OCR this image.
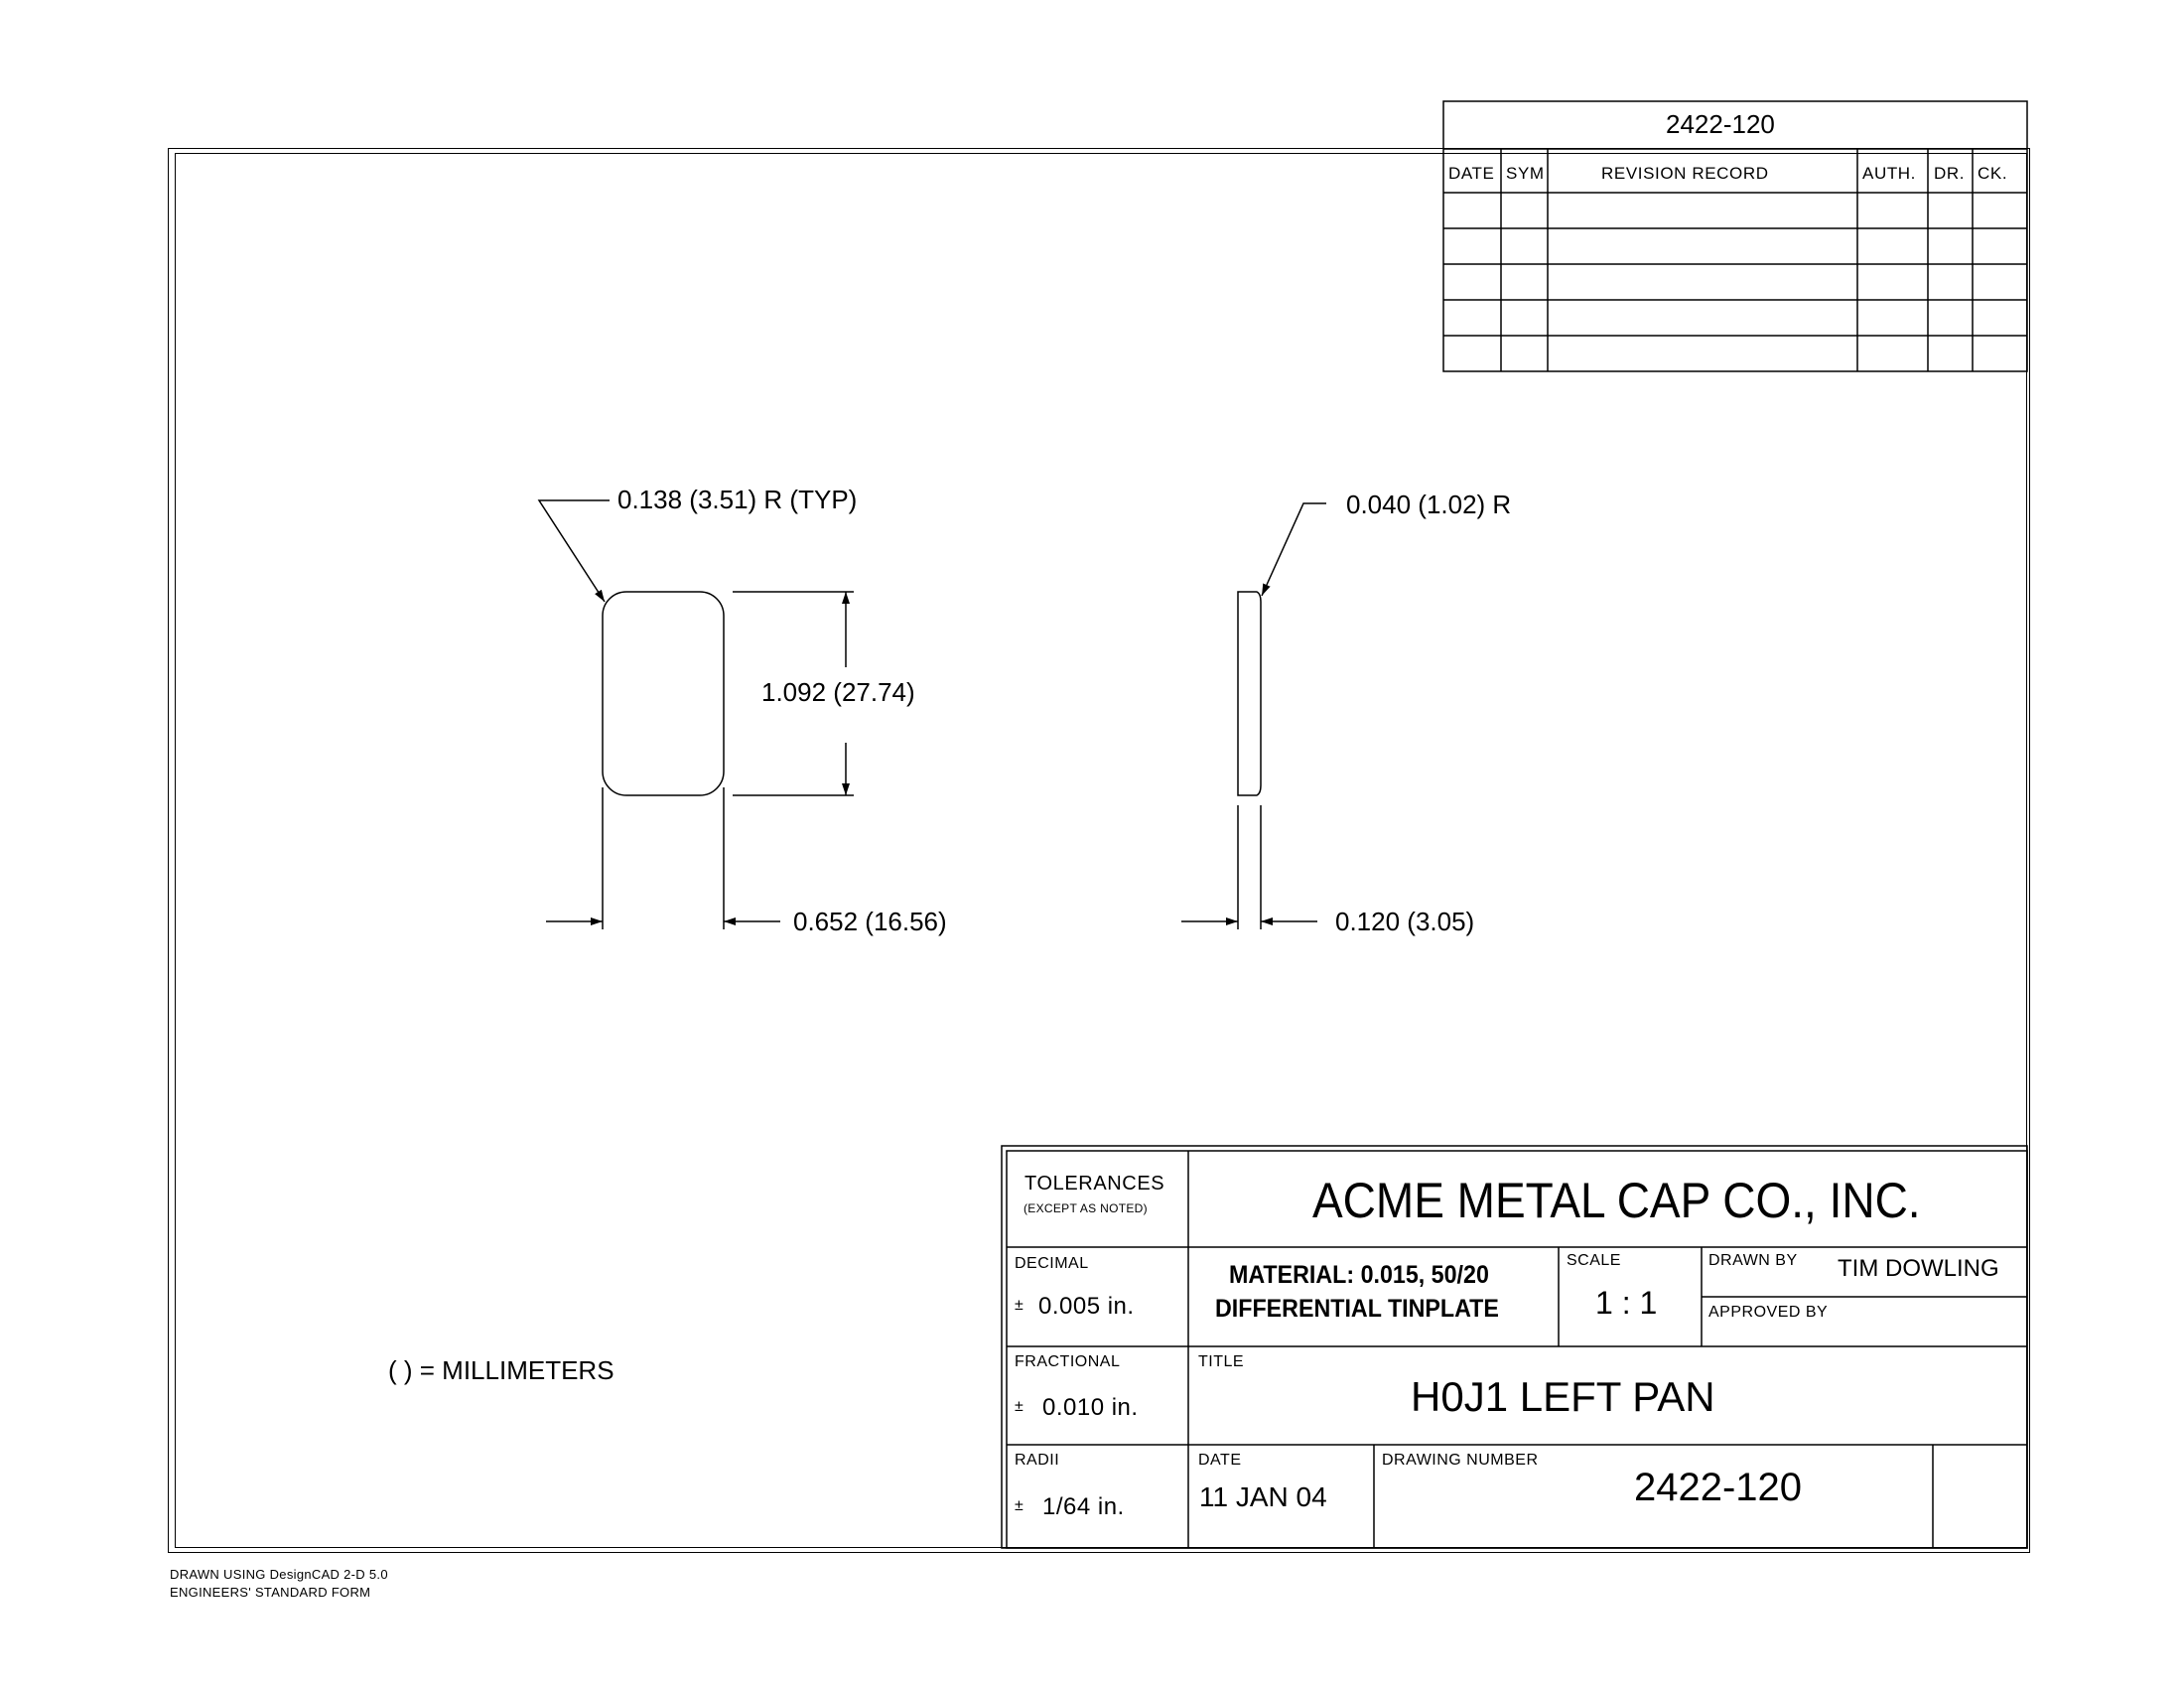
2422-120
DATE SYM	REVISION RECORD	AUTH. DR. CK.
0.138 (3.51) R (TYP)
1.092 (27.74)
0.652 (16.56)
0.040 (1.02) R
0.120 (3.05)
( ) = MILLIMETERS
TOLERANCES
(EXCEPT AS NOTED)	ACME METAL CAP CO., INC.
DECIMAL
± 0.005 in.
MATERIAL: 0.015, 50/20
DIFFERENTIAL TINPLATE
SCALE
1 : 1
DRAWN BY TIM DOWLING
APPROVED BY
FRACTIONAL
± 0.010 in.
TITLE
H0J1 LEFT PAN
RADII
± 1/64 in.
DATE
11 JAN 04
DRAWING NUMBER
2422-120
DRAWN USING DesignCAD 2-D 5.0
ENGINEERS' STANDARD FORM
